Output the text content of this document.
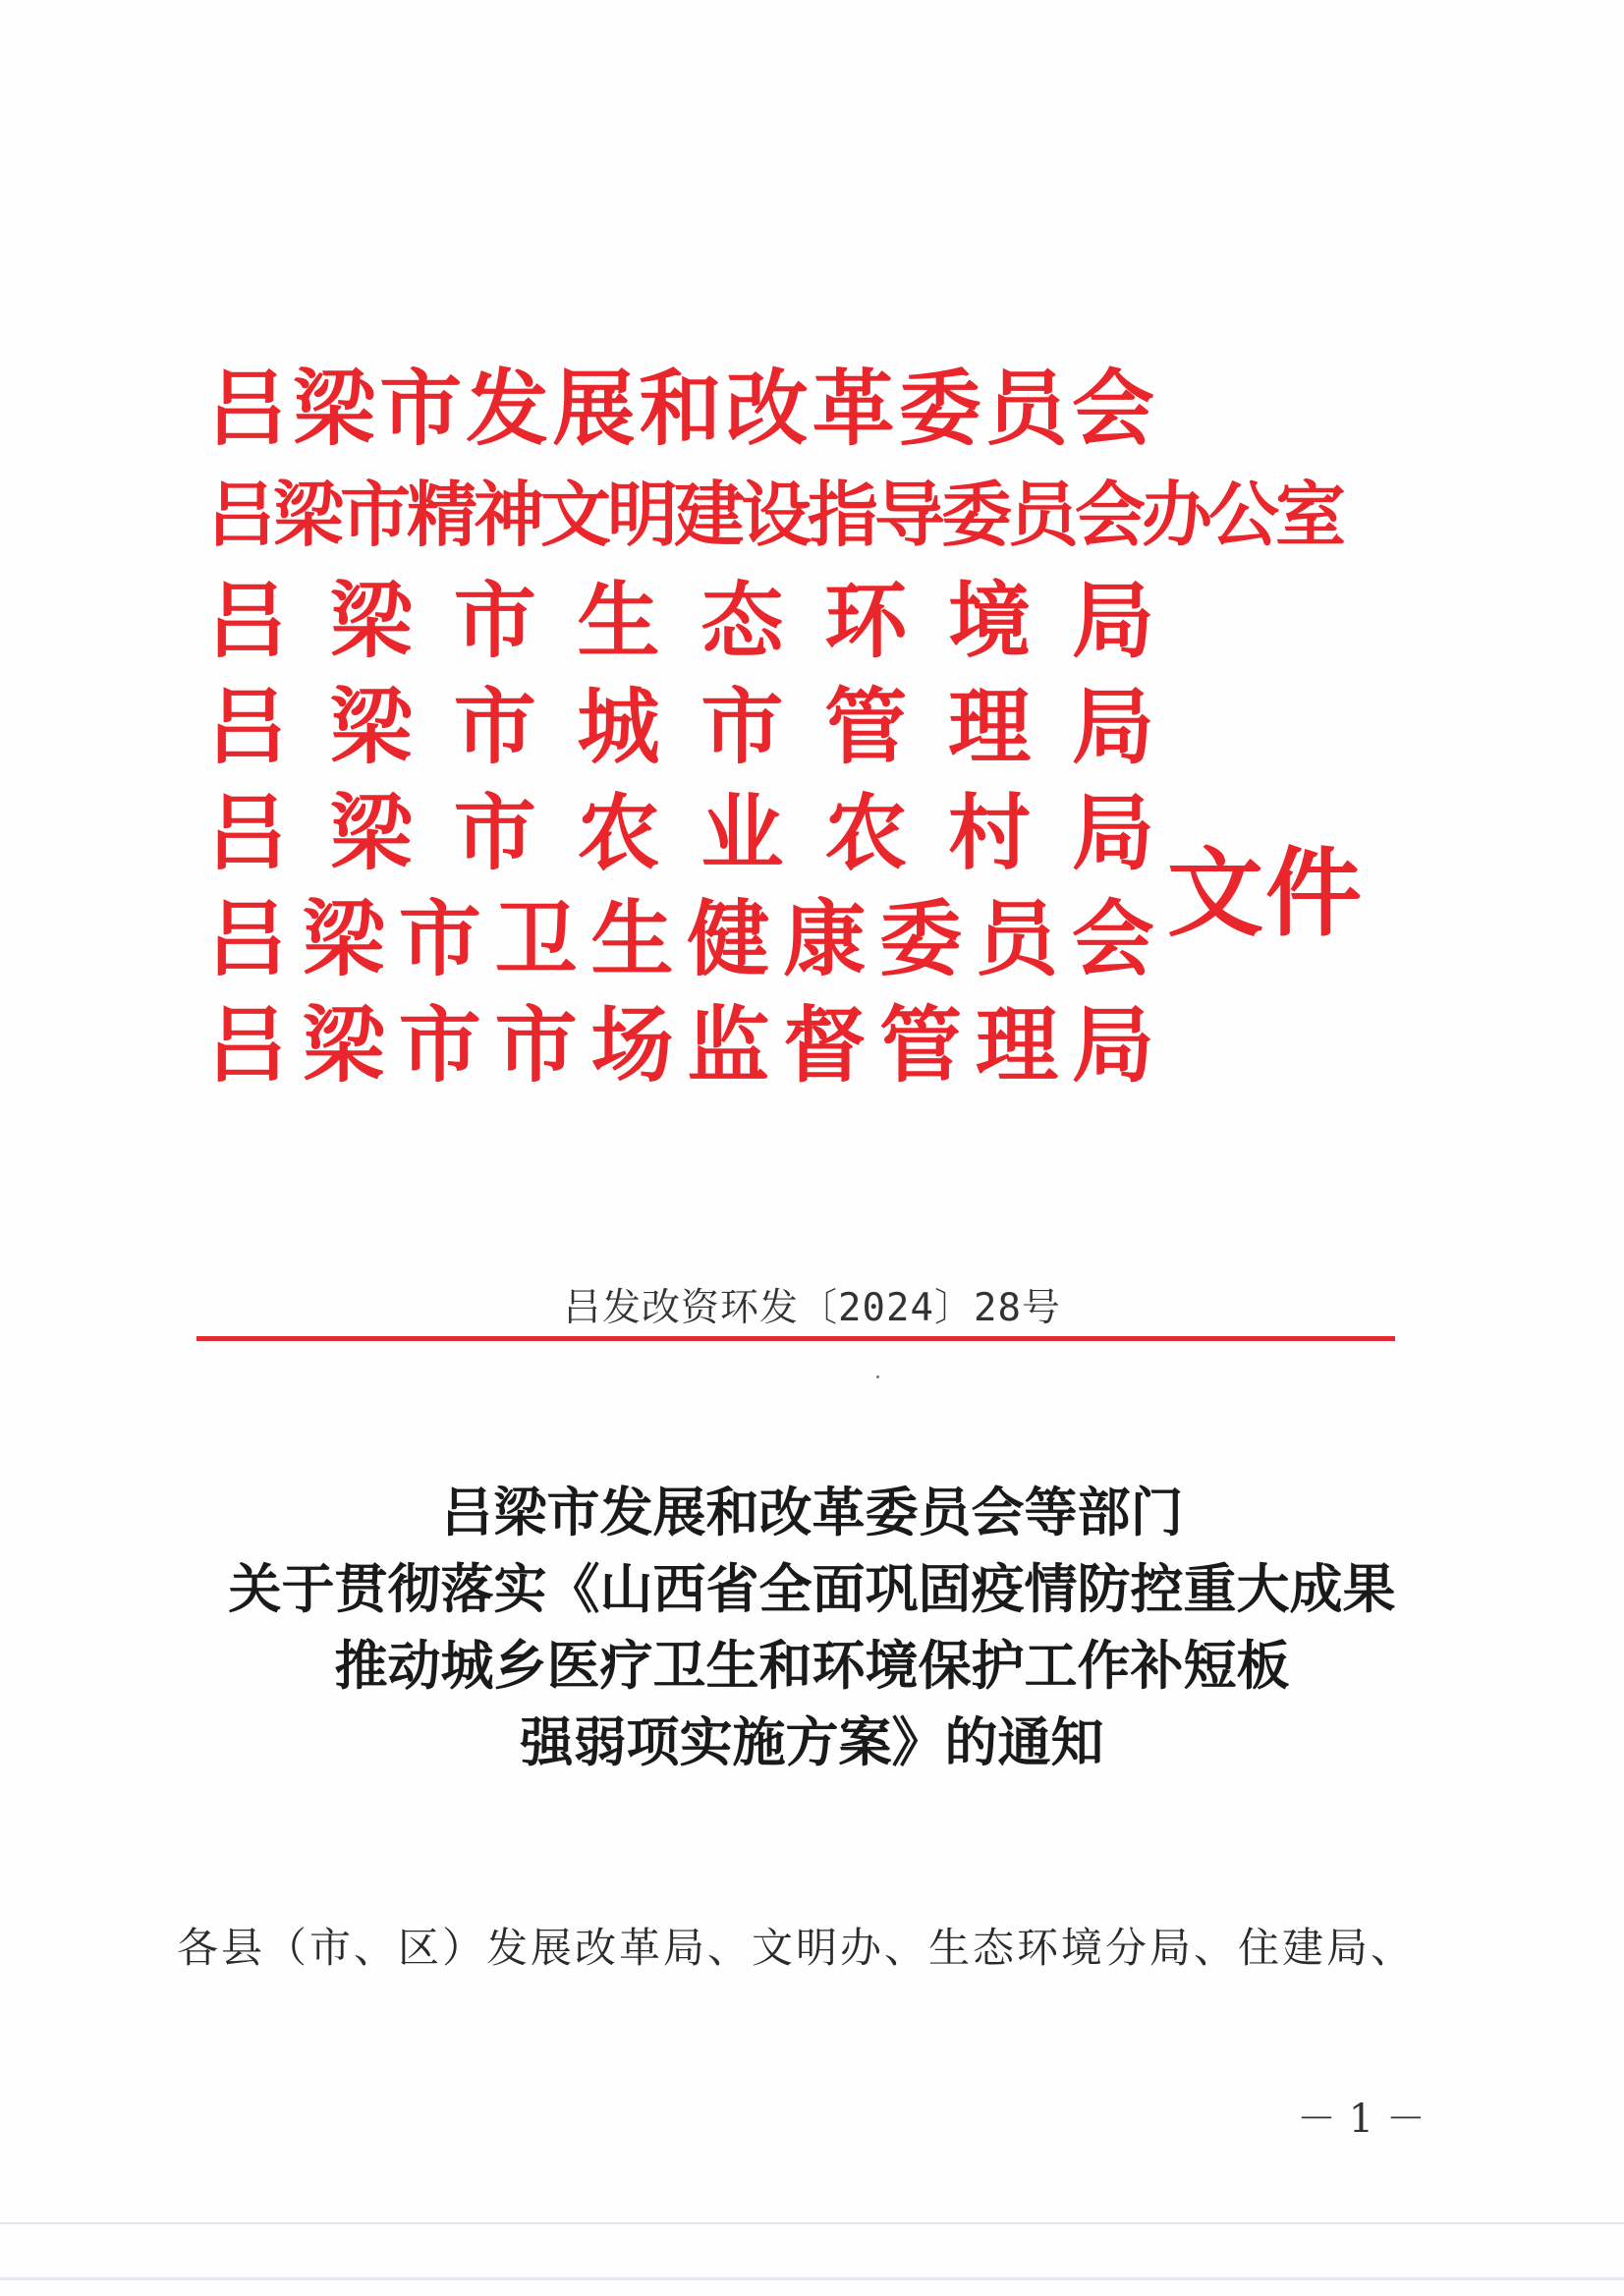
吕 梁 市 发 展 和 改 革 委 员 会
吕梁市精神文明建设指导委员会办公室
吕 梁 市 生 态 环 境 局
吕 梁 市 城 市 管 理 局
吕 梁 市 农 业 农 村 局
吕 梁 市 卫 生 健 康 委 员 会
吕 梁 市 市 场 监 督 管 理 局
文件
吕发改资环发〔2024〕28号
吕梁市发展和改革委员会等部门
关于贯彻落实《山西省全面巩固疫情防控重大成果
推动城乡医疗卫生和环境保护工作补短板
强弱项实施方案》的通知
各县（市、区）发展改革局、文明办、生态环境分局、住建局、
－ 1 －
